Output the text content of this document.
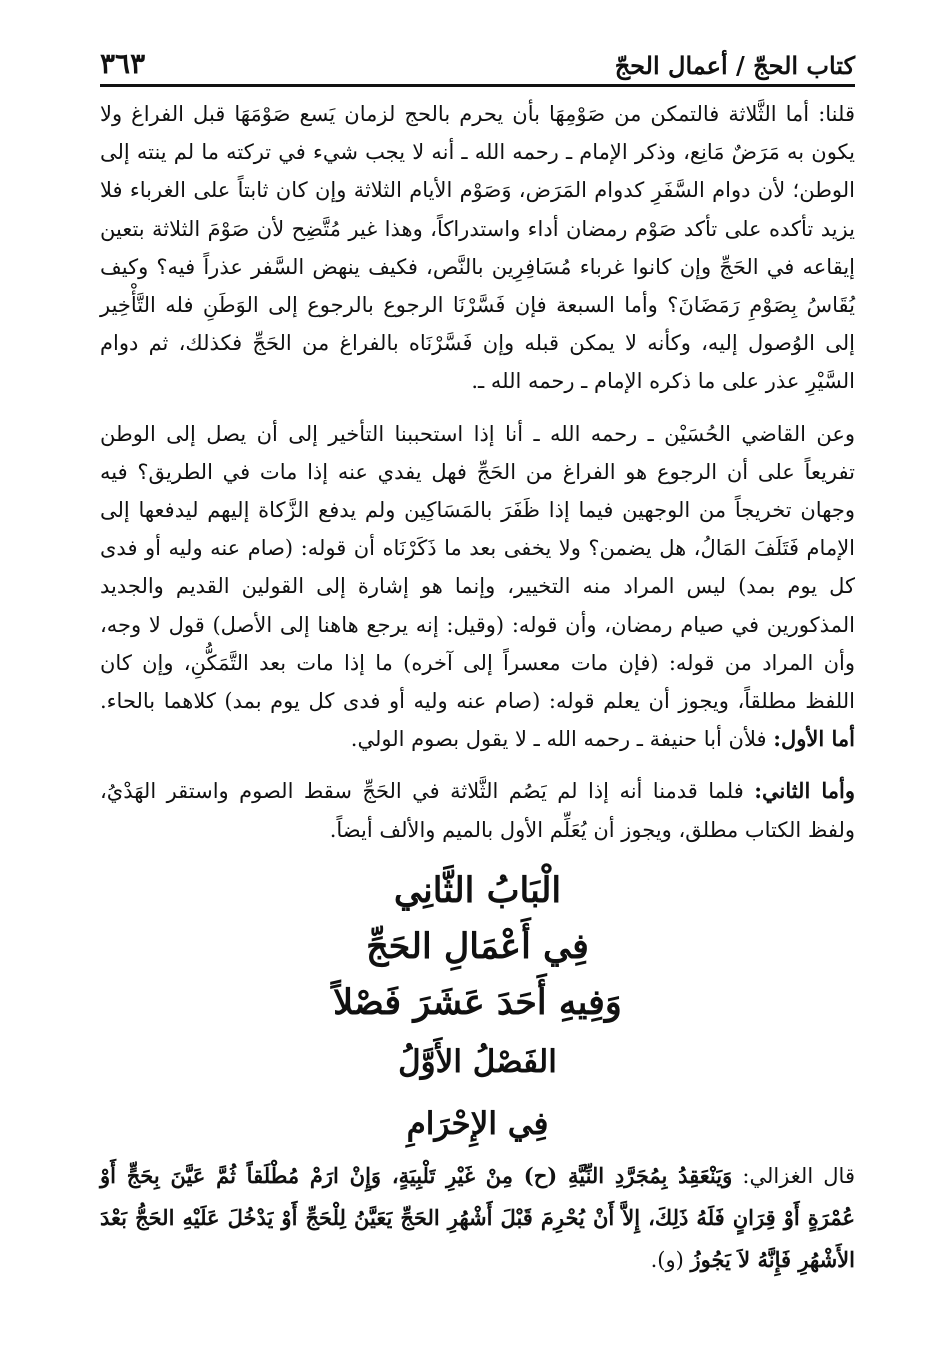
كتاب الحجّ / أعمال الحجّ
٣٦٣

قلنا: أما الثَّلاثة فالتمكن من صَوْمِهَا بأن يحرم بالحج لزمان يَسع صَوْمَهَا قبل الفراغ ولا يكون به مَرَضٌ مَانِع، وذكر الإمام ـ رحمه الله ـ أنه لا يجب شيء في تركته ما لم ينته إلى الوطن؛ لأن دوام السَّفَرِ كدوام المَرَض، وَصَوْم الأيام الثلاثة وإن كان ثابتاً على الغرباء فلا يزيد تأكده على تأكد صَوْم رمضان أداء واستدراكاً، وهذا غير مُتَّضِح لأن صَوْمَ الثلاثة بتعين إيقاعه في الحَجِّ وإن كانوا غرباء مُسَافِرِين بالنَّص، فكيف ينهض السَّفر عذراً فيه؟ وكيف يُقَاسُ بِصَوْمِ رَمَضَانَ؟ وأما السبعة فإن فَسَّرْنَا الرجوع بالرجوع إلى الوَطَنِ فله التَّأْخِير إلى الوُصول إليه، وكأنه لا يمكن قبله وإن فَسَّرْنَاه بالفراغ من الحَجِّ فكذلك، ثم دوام السَّيْرِ عذر على ما ذكره الإمام ـ رحمه الله ـ.

وعن القاضي الحُسَيْن ـ رحمه الله ـ أنا إذا استحببنا التأخير إلى أن يصل إلى الوطن تفريعاً على أن الرجوع هو الفراغ من الحَجِّ فهل يفدي عنه إذا مات في الطريق؟ فيه وجهان تخريجاً من الوجهين فيما إذا ظَفَرَ بالمَسَاكِين ولم يدفع الزَّكاة إليهم ليدفعها إلى الإمام فَتَلَفَ المَالُ، هل يضمن؟ ولا يخفى بعد ما ذَكَرْنَاه أن قوله: (صام عنه وليه أو فدى كل يوم بمد) ليس المراد منه التخيير، وإنما هو إشارة إلى القولين القديم والجديد المذكورين في صيام رمضان، وأن قوله: (وقيل: إنه يرجع هاهنا إلى الأصل) قول لا وجه، وأن المراد من قوله: (فإن مات معسراً إلى آخره) ما إذا مات بعد التَّمَكُّنِ، وإن كان اللفظ مطلقاً، ويجوز أن يعلم قوله: (صام عنه وليه أو فدى كل يوم بمد) كلاهما بالحاء. أما الأول: فلأن أبا حنيفة ـ رحمه الله ـ لا يقول بصوم الولي.

وأما الثاني: فلما قدمنا أنه إذا لم يَصُم الثَّلاثة في الحَجِّ سقط الصوم واستقر الهَدْيُ، ولفظ الكتاب مطلق، ويجوز أن يُعَلِّم الأول بالميم والألف أيضاً.

الْبَابُ الثَّانِي

فِي أَعْمَالِ الحَجِّ

وَفِيهِ أَحَدَ عَشَرَ فَصْلاً

الفَصْلُ الأَوَّلُ

فِي الإِحْرَامِ

قال الغزالي: وَيَنْعَقِدُ بِمُجَرَّدِ النِّيَّةِ (ح) مِنْ غَيْرِ تَلْبِيَةٍ، وَإِنْ ارَمْ مُطْلَقاً ثُمَّ عَيَّنَ بِحَجٍّ أَوْ عُمْرَةٍ أَوْ قِرَانٍ فَلَهُ ذَلِكَ، إِلاَّ أَنْ يُحْرِمَ قَبْلَ أَشْهُرِ الحَجِّ يَعَيَّنُ لِلْحَجِّ أَوْ يَدْخُلَ عَلَيْهِ الحَجُّ بَعْدَ الأَشْهُرِ فَإِنَّهُ لاَ يَجُوزُ (و).
